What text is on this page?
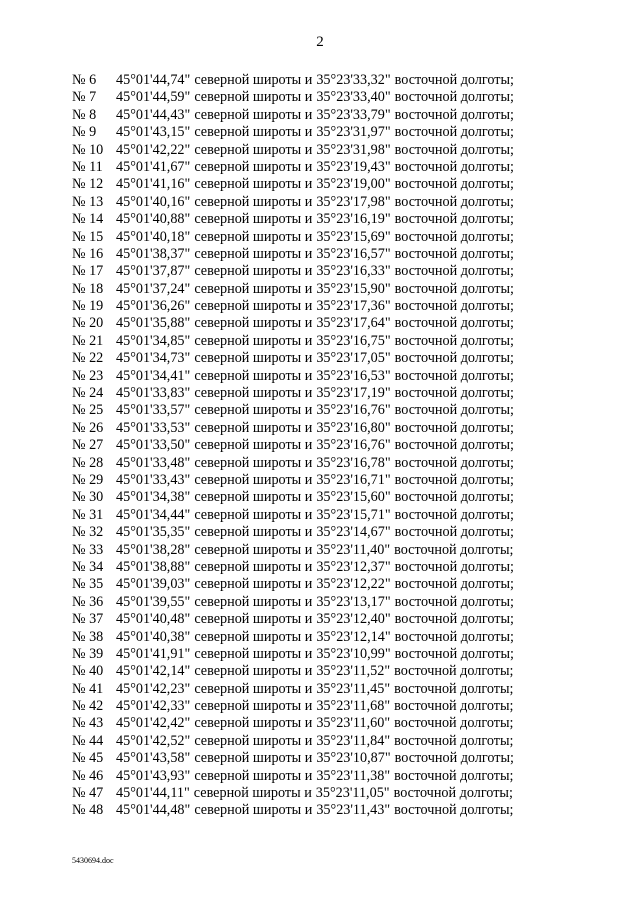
2
№ 6	45°01'44,74" северной широты и 35°23'33,32" восточной долготы;
№ 7	45°01'44,59" северной широты и 35°23'33,40" восточной долготы;
№ 8	45°01'44,43" северной широты и 35°23'33,79" восточной долготы;
№ 9	45°01'43,15" северной широты и 35°23'31,97" восточной долготы;
№ 10 45°01'42,22" северной широты и 35°23'31,98" восточной долготы;
№ 11 45°01'41,67" северной широты и 35°23'19,43" восточной долготы;
№ 12 45°01'41,16" северной широты и 35°23'19,00" восточной долготы;
№ 13 45°01'40,16" северной широты и 35°23'17,98" восточной долготы;
№ 14 45°01'40,88" северной широты и 35°23'16,19" восточной долготы;
№ 15 45°01'40,18" северной широты и 35°23'15,69" восточной долготы;
№ 16 45°01'38,37" северной широты и 35°23'16,57" восточной долготы;
№ 17 45°01'37,87" северной широты и 35°23'16,33" восточной долготы;
№ 18 45°01'37,24" северной широты и 35°23'15,90" восточной долготы;
№ 19 45°01'36,26" северной широты и 35°23'17,36" восточной долготы;
№ 20 45°01'35,88" северной широты и 35°23'17,64" восточной долготы;
№ 21 45°01'34,85" северной широты и 35°23'16,75" восточной долготы;
№ 22 45°01'34,73" северной широты и 35°23'17,05" восточной долготы;
№ 23 45°01'34,41" северной широты и 35°23'16,53" восточной долготы;
№ 24 45°01'33,83" северной широты и 35°23'17,19" восточной долготы;
№ 25 45°01'33,57" северной широты и 35°23'16,76" восточной долготы;
№ 26 45°01'33,53" северной широты и 35°23'16,80" восточной долготы;
№ 27 45°01'33,50" северной широты и 35°23'16,76" восточной долготы;
№ 28 45°01'33,48" северной широты и 35°23'16,78" восточной долготы;
№ 29 45°01'33,43" северной широты и 35°23'16,71" восточной долготы;
№ 30 45°01'34,38" северной широты и 35°23'15,60" восточной долготы;
№ 31 45°01'34,44" северной широты и 35°23'15,71" восточной долготы;
№ 32 45°01'35,35" северной широты и 35°23'14,67" восточной долготы;
№ 33 45°01'38,28" северной широты и 35°23'11,40" восточной долготы;
№ 34 45°01'38,88" северной широты и 35°23'12,37" восточной долготы;
№ 35 45°01'39,03" северной широты и 35°23'12,22" восточной долготы;
№ 36 45°01'39,55" северной широты и 35°23'13,17" восточной долготы;
№ 37 45°01'40,48" северной широты и 35°23'12,40" восточной долготы;
№ 38 45°01'40,38" северной широты и 35°23'12,14" восточной долготы;
№ 39 45°01'41,91" северной широты и 35°23'10,99" восточной долготы;
№ 40 45°01'42,14" северной широты и 35°23'11,52" восточной долготы;
№ 41 45°01'42,23" северной широты и 35°23'11,45" восточной долготы;
№ 42 45°01'42,33" северной широты и 35°23'11,68" восточной долготы;
№ 43 45°01'42,42" северной широты и 35°23'11,60" восточной долготы;
№ 44 45°01'42,52" северной широты и 35°23'11,84" восточной долготы;
№ 45 45°01'43,58" северной широты и 35°23'10,87" восточной долготы;
№ 46 45°01'43,93" северной широты и 35°23'11,38" восточной долготы;
№ 47 45°01'44,11" северной широты и 35°23'11,05" восточной долготы;
№ 48 45°01'44,48" северной широты и 35°23'11,43" восточной долготы;
5430694.doc
